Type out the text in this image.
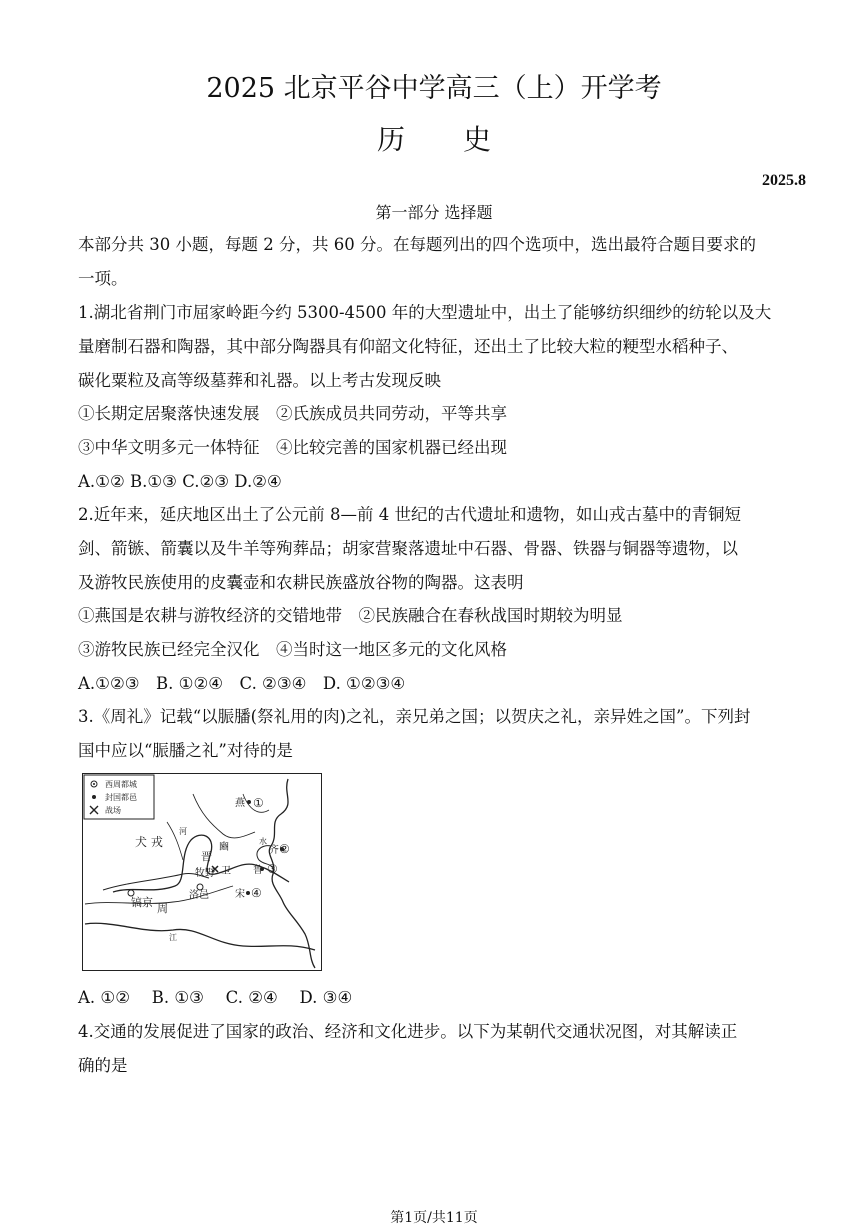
2025 北京平谷中学高三（上）开学考
历史
2025.8
第一部分 选择题
本部分共 30 小题，每题 2 分，共 60 分。在每题列出的四个选项中，选出最符合题目要求的
一项。
1.湖北省荆门市屈家岭距今约 5300-4500 年的大型遗址中，出土了能够纺织细纱的纺轮以及大
量磨制石器和陶器，其中部分陶器具有仰韶文化特征，还出土了比较大粒的粳型水稻种子、
碳化粟粒及高等级墓葬和礼器。以上考古发现反映
①长期定居聚落快速发展　②氏族成员共同劳动，平等共享
③中华文明多元一体特征　④比较完善的国家机器已经出现
A.①② B.①③ C.②③ D.②④
2.近年来，延庆地区出土了公元前 8—前 4 世纪的古代遗址和遗物，如山戎古墓中的青铜短
剑、箭镞、箭囊以及牛羊等殉葬品；胡家营聚落遗址中石器、骨器、铁器与铜器等遗物，以
及游牧民族使用的皮囊壶和农耕民族盛放谷物的陶器。这表明
①燕国是农耕与游牧经济的交错地带　②民族融合在春秋战国时期较为明显
③游牧民族已经完全汉化　④当时这一地区多元的文化风格
A.①②③　B. ①②④　C. ②③④　D. ①②③④
3.《周礼》记载“以脤膰(祭礼用的肉)之礼，亲兄弟之国；以贺庆之礼，亲异姓之国”。下列封
国中应以“脤膰之礼”对待的是
西周都城
封国都邑
战场
犬 戎
晋
豳
牧野 卫
镐京 周
洛邑
燕 ①
齐 ②
鲁 ③
宋 ④
河
水
江
A. ①②　 B. ①③　 C. ②④　 D. ③④
4.交通的发展促进了国家的政治、经济和文化进步。以下为某朝代交通状况图，对其解读正
确的是
第1页/共11页
